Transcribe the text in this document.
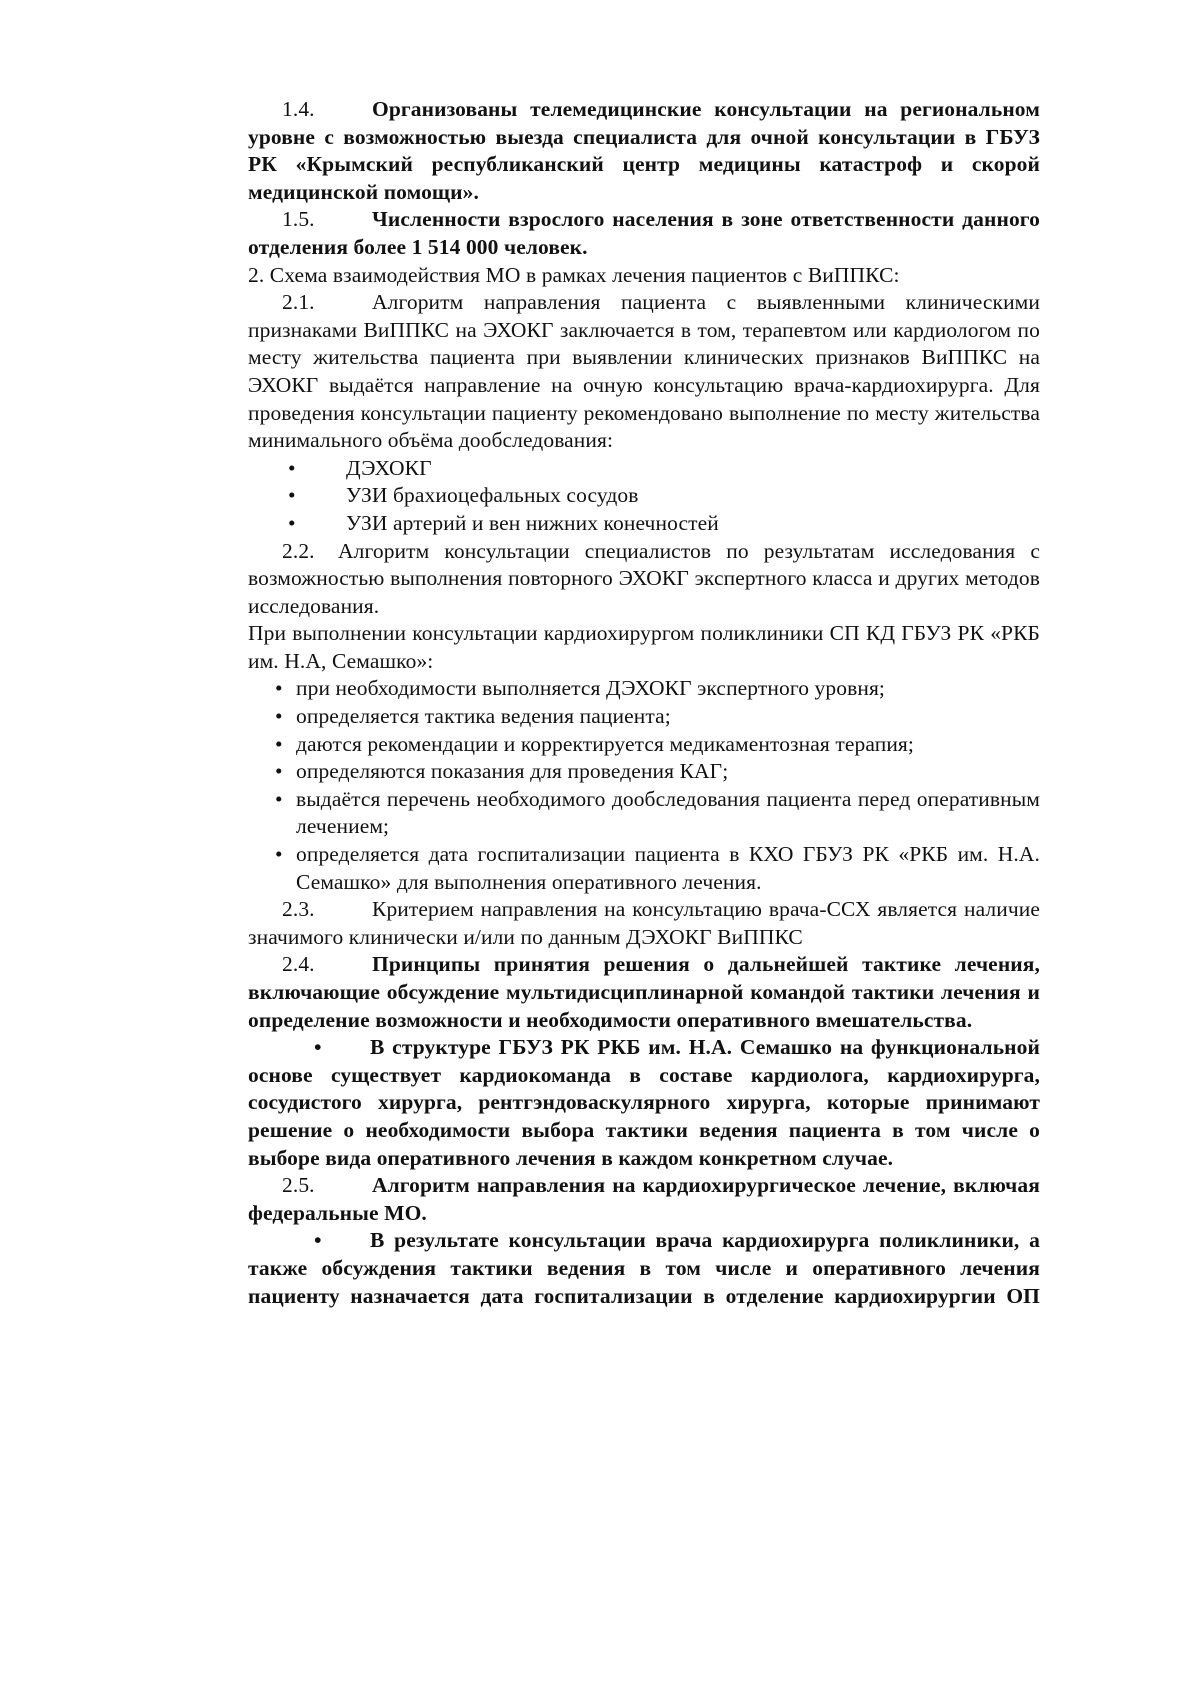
1.4.	Организованы телемедицинские консультации на региональном уровне с возможностью выезда специалиста для очной консультации в ГБУЗ РК «Крымский республиканский центр медицины катастроф и скорой медицинской помощи».

1.5.	Численности взрослого населения в зоне ответственности данного отделения более 1 514 000 человек.

2. Схема взаимодействия МО в рамках лечения пациентов с ВиППКС:

2.1.	Алгоритм направления пациента с выявленными клиническими признаками ВиППКС на ЭХОКГ заключается в том, терапевтом или кардиологом по месту жительства пациента при выявлении клинических признаков ВиППКС на ЭХОКГ выдаётся направление на очную консультацию врача-кардиохирурга. Для проведения консультации пациенту рекомендовано выполнение по месту жительства минимального объёма дообследования:

• ДЭХОКГ
• УЗИ брахиоцефальных сосудов
• УЗИ артерий и вен нижних конечностей

2.2. Алгоритм консультации специалистов по результатам исследования с возможностью выполнения повторного ЭХОКГ экспертного класса и других методов исследования.

При выполнении консультации кардиохирургом поликлиники СП КД ГБУЗ РК «РКБ им. Н.А, Семашко»:

• при необходимости выполняется ДЭХОКГ экспертного уровня;
• определяется тактика ведения пациента;
• даются рекомендации и корректируется медикаментозная терапия;
• определяются показания для проведения КАГ;
• выдаётся перечень необходимого дообследования пациента перед оперативным лечением;
• определяется дата госпитализации пациента в КХО ГБУЗ РК «РКБ им. Н.А. Семашко» для выполнения оперативного лечения.

2.3.	Критерием направления на консультацию врача-ССХ является наличие значимого клинически и/или по данным ДЭХОКГ ВиППКС

2.4.	Принципы принятия решения о дальнейшей тактике лечения, включающие обсуждение мультидисциплинарной командой тактики лечения и определение возможности и необходимости оперативного вмешательства.

• В структуре ГБУЗ РК РКБ им. Н.А. Семашко на функциональной основе существует кардиокоманда в составе кардиолога, кардиохирурга, сосудистого хирурга, рентгэндоваскулярного хирурга, которые принимают решение о необходимости выбора тактики ведения пациента в том числе о выборе вида оперативного лечения в каждом конкретном случае.

2.5.	Алгоритм направления на кардиохирургическое лечение, включая федеральные МО.

• В результате консультации врача кардиохирурга поликлиники, а также обсуждения тактики ведения в том числе и оперативного лечения пациенту назначается дата госпитализации в отделение кардиохирургии ОП
